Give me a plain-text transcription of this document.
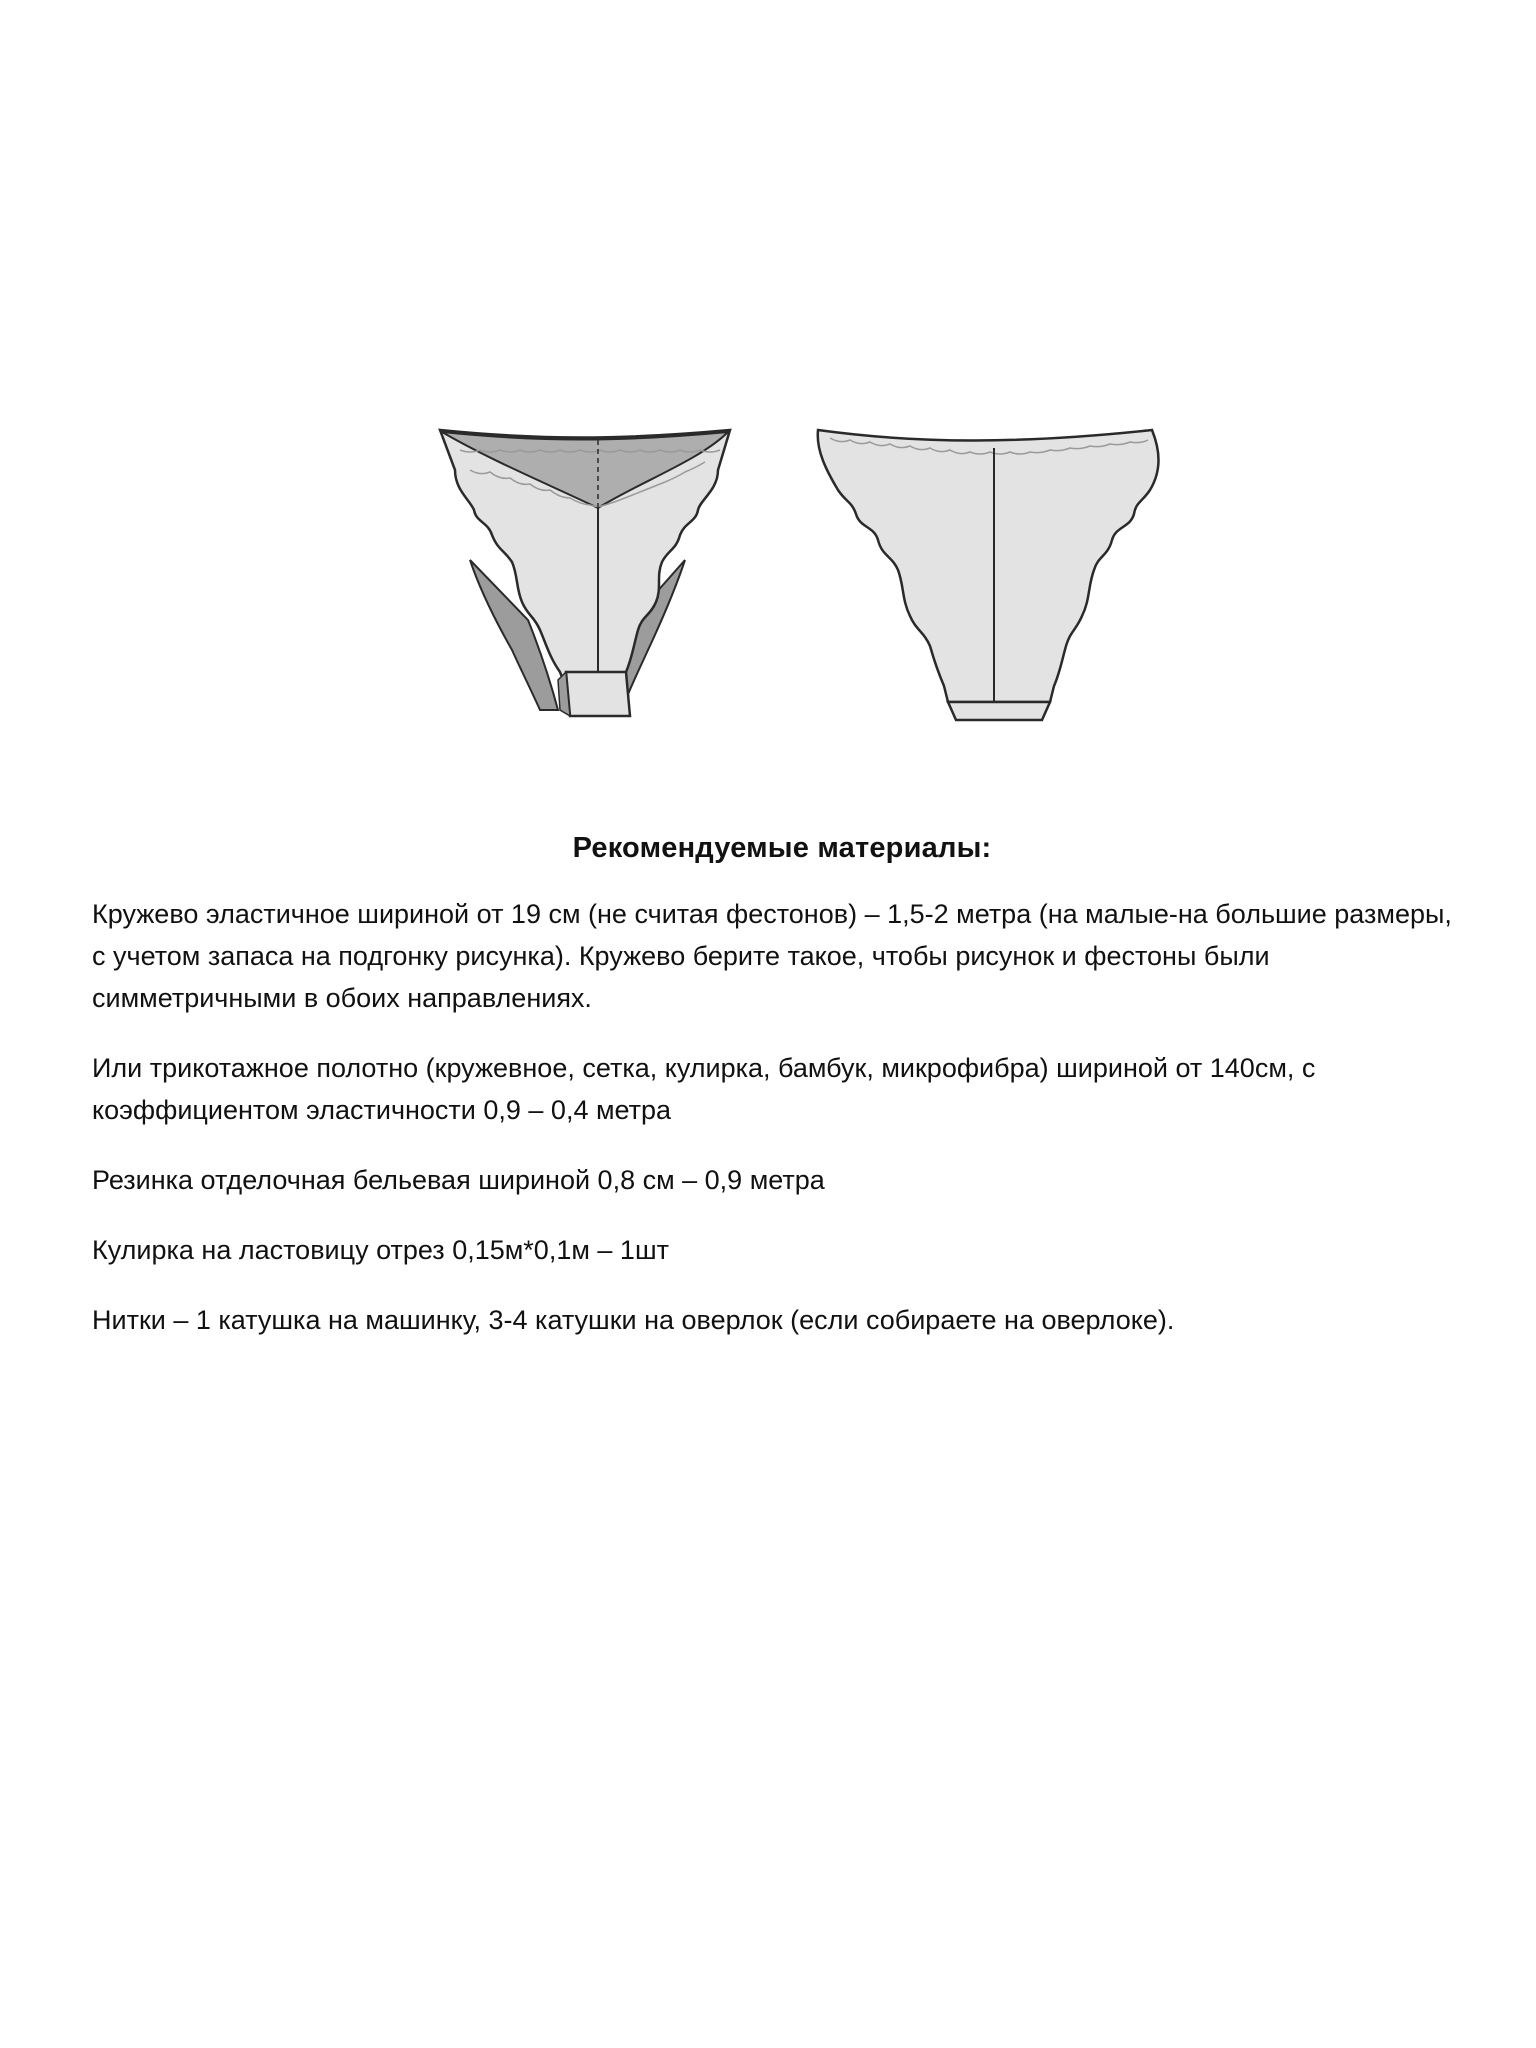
Рекомендуемые материалы:

Кружево эластичное шириной от 19 см (не считая фестонов) – 1,5-2 метра (на малые-на большие размеры, с учетом запаса на подгонку рисунка). Кружево берите такое, чтобы рисунок и фестоны были симметричными в обоих направлениях.

Или трикотажное полотно (кружевное, сетка, кулирка, бамбук, микрофибра) шириной от 140см, с коэффициентом эластичности 0,9 – 0,4 метра

Резинка отделочная бельевая шириной 0,8 см – 0,9 метра

Кулирка на ластовицу отрез 0,15м*0,1м – 1шт

Нитки – 1 катушка на машинку, 3-4 катушки на оверлок (если собираете на оверлоке).
